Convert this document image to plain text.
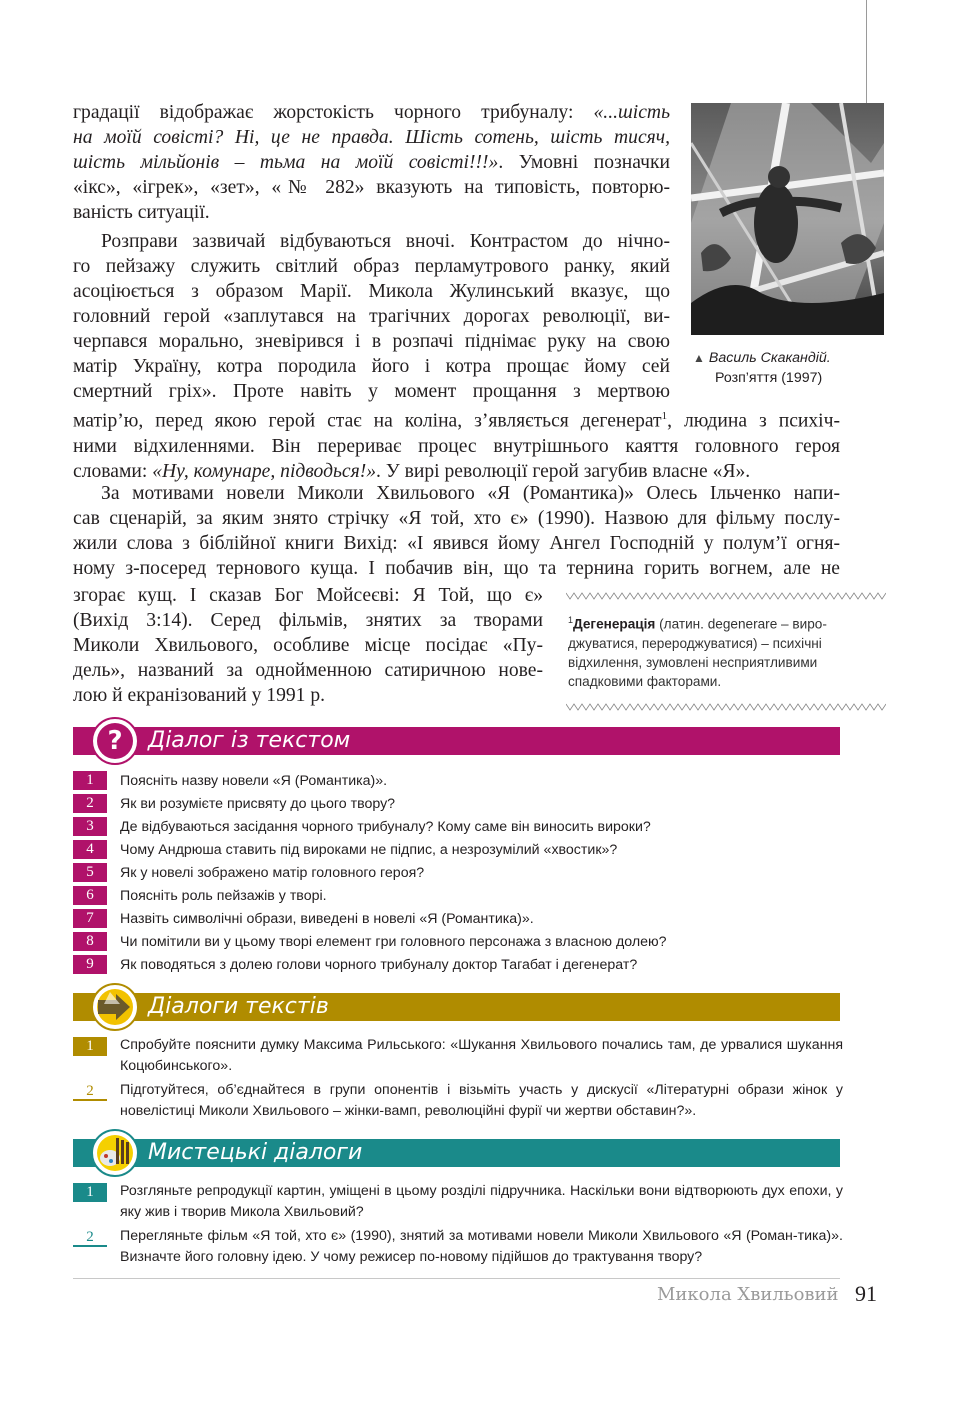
градації відображає жорстокість чорного трибуналу: «...шість
на моїй совісті? Ні, це не правда. Шість сотень, шість тисяч,
шість мільйонів – тьма на моїй совісті!!!». Умовні позначки
«ікс», «ігрек», «зет», «№ 282» вказують на типовість, повторю-
ваність ситуації.
Розправи зазвичай відбуваються вночі. Контрастом до нічно-
го пейзажу служить світлий образ перламутрового ранку, який
асоціюється з образом Марії. Микола Жулинський вказує, що
головний герой «заплутався на трагічних дорогах революції, ви-
черпався морально, зневірився і в розпачі піднімає руку на свою
матір Україну, котра породила його і котра прощає йому сей
смертний гріх». Проте навіть у момент прощання з мертвою
матір’ю, перед якою герой стає на коліна, з’являється дегенерат$^1$, людина з психіч-
ними відхиленнями. Він перериває процес внутрішнього каяття головного героя
словами: «Ну, комунаре, підводься!». У вирі революції герой загубив власне «Я».
За мотивами новели Миколи Хвильового «Я (Романтика)» Олесь Ільченко напи-
сав сценарій, за яким знято стрічку «Я той, хто є» (1990). Назвою для фільму послу-
жили слова з біблійної книги Вихід: «І явився йому Ангел Господній у полум’ї огня-
ному з-посеред тернового куща. І побачив він, що та тернина горить вогнем, але не
згорає кущ. І сказав Бог Мойсеєві: Я Той, що є»
(Вихід 3:14). Серед фільмів, знятих за творами
Миколи Хвильового, особливе місце посідає «Пу-
дель», названий за однойменною сатиричною нове-
лою й екранізований у 1991 р.
▲ Василь Скакандій.
Розп’яття (1997)
$^1$Дегенерація (латин. degenerare – виро-джуватися, перероджуватися) – психічні відхилення, зумовлені несприятливими спадковими факторами.
Діалог із текстом
?
1	Поясніть назву новели «Я (Романтика)».
2	Як ви розумієте присвяту до цього твору?
3	Де відбуваються засідання чорного трибуналу? Кому саме він виносить вироки?
4	Чому Андрюша ставить під вироками не підпис, а незрозумілий «хвостик»?
5	Як у новелі зображено матір головного героя?
6	Поясніть роль пейзажів у творі.
7	Назвіть символічні образи, виведені в новелі «Я (Романтика)».
8	Чи помітили ви у цьому творі елемент гри головного персонажа з власною долею?
9	Як поводяться з долею голови чорного трибуналу доктор Тагабат і дегенерат?
Діалоги текстів
1	Спробуйте пояснити думку Максима Рильського: «Шукання Хвильового почались там, де урвалися шукання Коцюбинського».
2	Підготуйтеся, об’єднайтеся в групи опонентів і візьміть участь у дискусії «Літературні образи жінок у новелістиці Миколи Хвильового – жінки-вамп, революційні фурії чи жертви обставин?».
Мистецькі діалоги
1	Розгляньте репродукції картин, уміщені в цьому розділі підручника. Наскільки вони відтворюють дух епохи, у яку жив і творив Микола Хвильовий?
2	Перегляньте фільм «Я той, хто є» (1990), знятий за мотивами новели Миколи Хвильового «Я (Роман-тика)». Визначте його головну ідею. У чому режисер по-новому підійшов до трактування твору?
Микола Хвильовий 91
